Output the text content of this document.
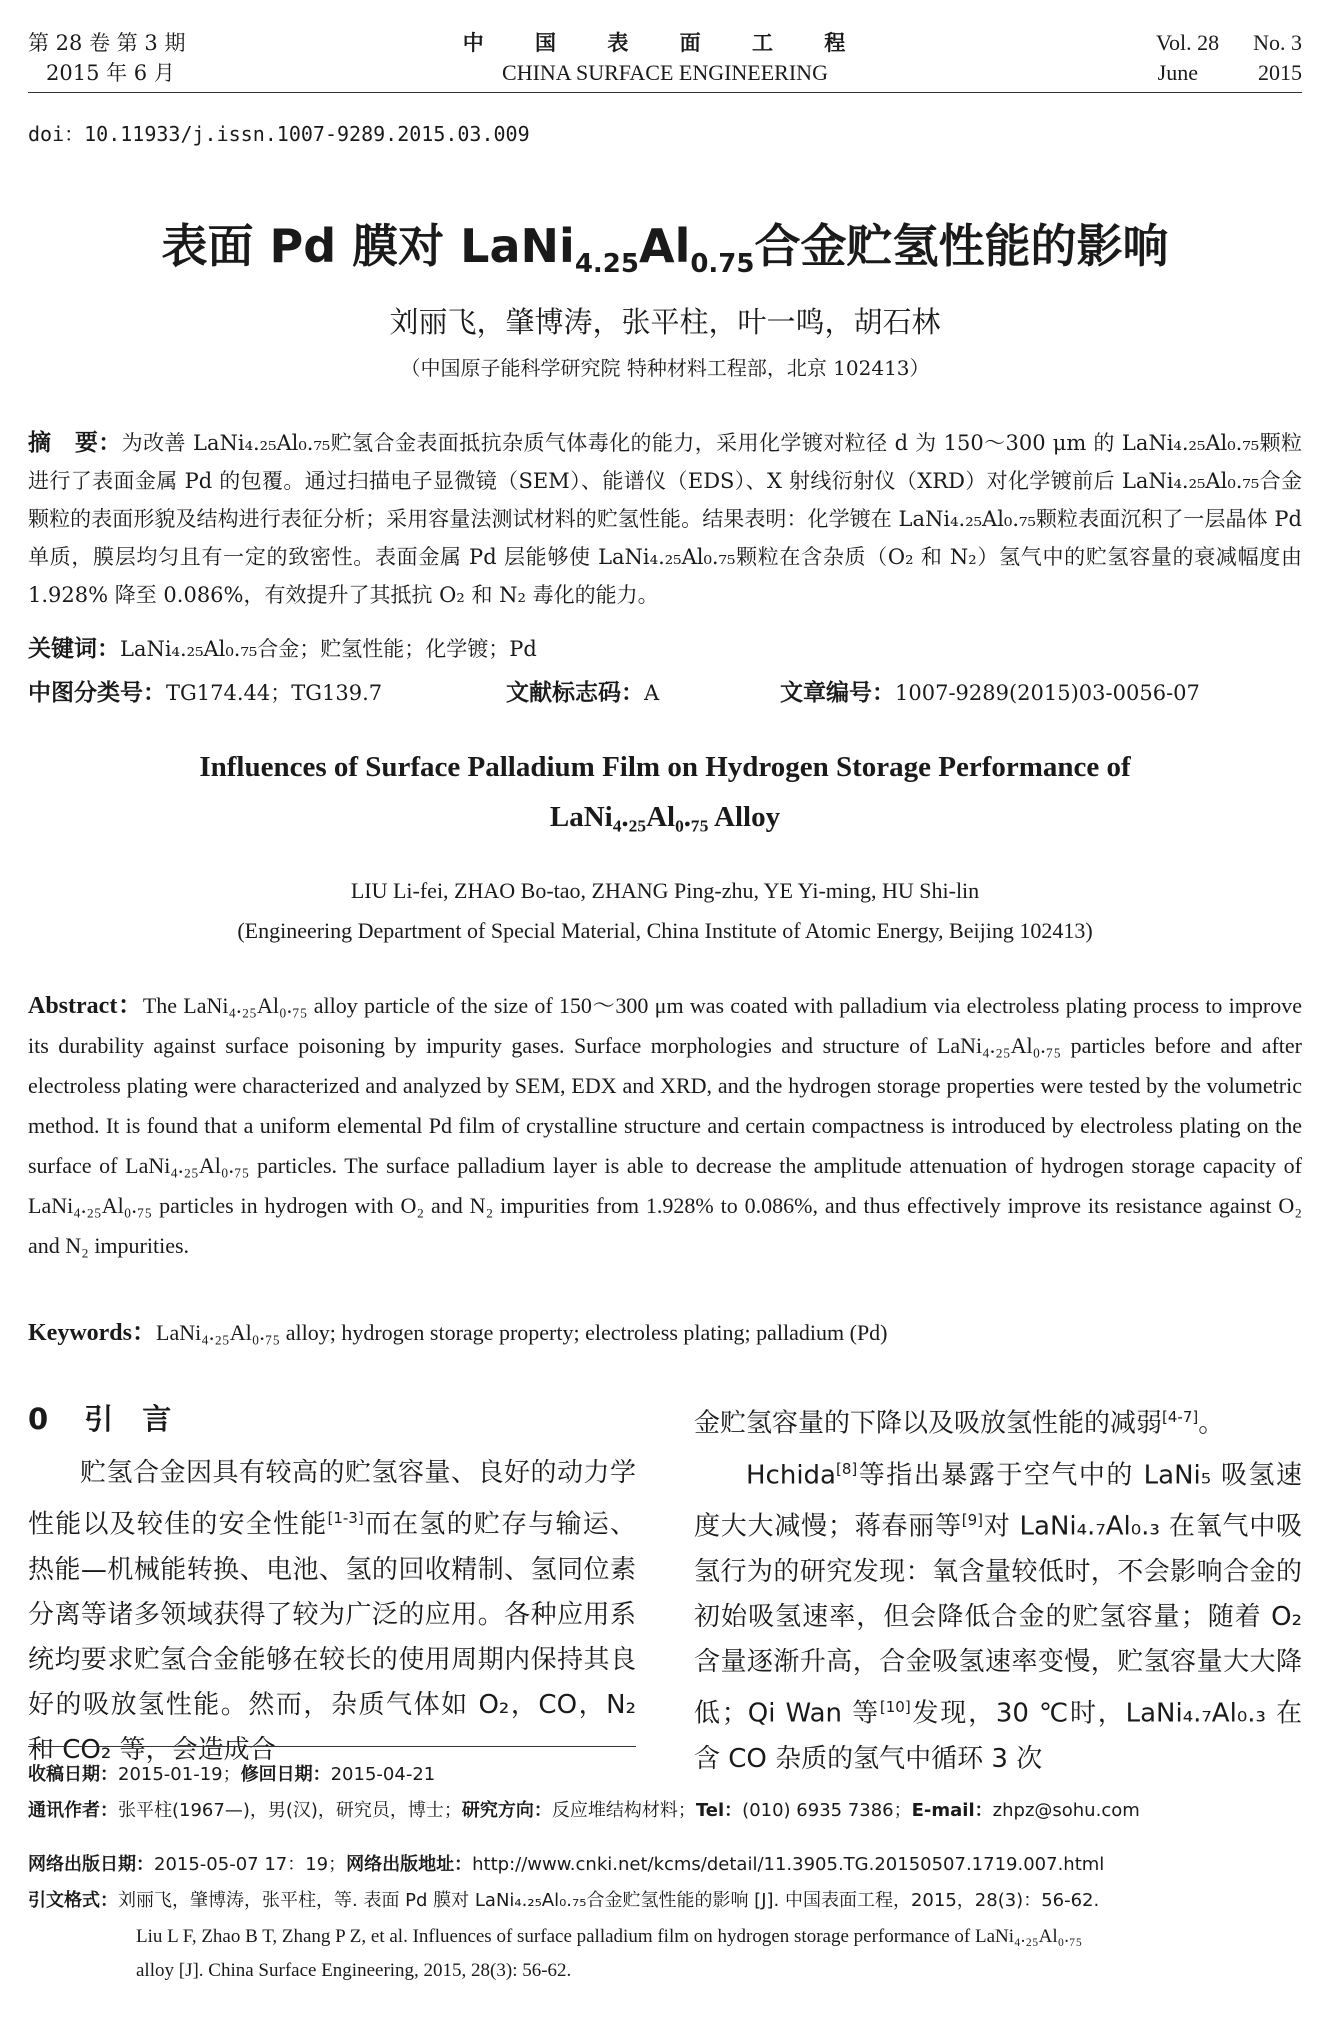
第 28 卷 第 3 期
2015 年 6 月
中 国 表 面 工 程
CHINA SURFACE ENGINEERING
Vol. 28 No. 3
June	2015
doi：10.11933/j.issn.1007-9289.2015.03.009
表面 Pd 膜对 $LaNi_{4.25}Al_{0.75}$合金贮氢性能的影响
刘丽飞，肇博涛，张平柱，叶一鸣，胡石林
（中国原子能科学研究院 特种材料工程部，北京 102413）
摘　要：为改善 LaNi₄.₂₅Al₀.₇₅贮氢合金表面抵抗杂质气体毒化的能力，采用化学镀对粒径 d 为 150～300 μm 的 LaNi₄.₂₅Al₀.₇₅颗粒进行了表面金属 Pd 的包覆。通过扫描电子显微镜（SEM）、能谱仪（EDS）、X 射线衍射仪（XRD）对化学镀前后 LaNi₄.₂₅Al₀.₇₅合金颗粒的表面形貌及结构进行表征分析；采用容量法测试材料的贮氢性能。结果表明：化学镀在 LaNi₄.₂₅Al₀.₇₅颗粒表面沉积了一层晶体 Pd 单质，膜层均匀且有一定的致密性。表面金属 Pd 层能够使 LaNi₄.₂₅Al₀.₇₅颗粒在含杂质（O₂ 和 N₂）氢气中的贮氢容量的衰减幅度由 1.928% 降至 0.086%，有效提升了其抵抗 O₂ 和 N₂ 毒化的能力。
关键词：LaNi₄.₂₅Al₀.₇₅合金；贮氢性能；化学镀；Pd
中图分类号：TG174.44；TG139.7	文献标志码：A	文章编号：1007-9289(2015)03-0056-07
Influences of Surface Palladium Film on Hydrogen Storage Performance of
LaNi₄.₂₅Al₀.₇₅ Alloy
LIU Li-fei, ZHAO Bo-tao, ZHANG Ping-zhu, YE Yi-ming, HU Shi-lin
(Engineering Department of Special Material, China Institute of Atomic Energy, Beijing 102413)
Abstract：The LaNi₄.₂₅Al₀.₇₅ alloy particle of the size of 150～300 μm was coated with palladium via electroless plating process to improve its durability against surface poisoning by impurity gases. Surface morphologies and structure of LaNi₄.₂₅Al₀.₇₅ particles before and after electroless plating were characterized and analyzed by SEM, EDX and XRD, and the hydrogen storage properties were tested by the volumetric method. It is found that a uniform elemental Pd film of crystalline structure and certain compactness is introduced by electroless plating on the surface of LaNi₄.₂₅Al₀.₇₅ particles. The surface palladium layer is able to decrease the amplitude attenuation of hydrogen storage capacity of LaNi₄.₂₅Al₀.₇₅ particles in hydrogen with O₂ and N₂ impurities from 1.928% to 0.086%, and thus effectively improve its resistance against O₂ and N₂ impurities.
Keywords：LaNi₄.₂₅Al₀.₇₅ alloy; hydrogen storage property; electroless plating; palladium (Pd)
0 引　言

贮氢合金因具有较高的贮氢容量、良好的动力学性能以及较佳的安全性能[1-3]而在氢的贮存与输运、热能—机械能转换、电池、氢的回收精制、氢同位素分离等诸多领域获得了较为广泛的应用。各种应用系统均要求贮氢合金能够在较长的使用周期内保持其良好的吸放氢性能。然而，杂质气体如 O₂，CO，N₂ 和 CO₂ 等，会造成合

金贮氢容量的下降以及吸放氢性能的减弱[4-7]。

Hchida[8]等指出暴露于空气中的 LaNi₅ 吸氢速度大大减慢；蒋春丽等[9]对 LaNi₄.₇Al₀.₃ 在氧气中吸氢行为的研究发现：氧含量较低时，不会影响合金的初始吸氢速率，但会降低合金的贮氢容量；随着 O₂ 含量逐渐升高，合金吸氢速率变慢，贮氢容量大大降低；Qi Wan 等[10]发现，30 ℃时，LaNi₄.₇Al₀.₃ 在含 CO 杂质的氢气中循环 3 次

收稿日期：2015-01-19；修回日期：2015-04-21
通讯作者：张平柱(1967—)，男(汉)，研究员，博士；研究方向：反应堆结构材料；Tel：(010) 6935 7386；E-mail：zhpz@sohu.com
网络出版日期：2015-05-07 17：19；网络出版地址：http://www.cnki.net/kcms/detail/11.3905.TG.20150507.1719.007.html
引文格式：刘丽飞，肇博涛，张平柱，等. 表面 Pd 膜对 LaNi₄.₂₅Al₀.₇₅合金贮氢性能的影响 [J]. 中国表面工程，2015，28(3)：56-62.
Liu L F, Zhao B T, Zhang P Z, et al. Influences of surface palladium film on hydrogen storage performance of LaNi₄.₂₅Al₀.₇₅
alloy [J]. China Surface Engineering, 2015, 28(3): 56-62.
